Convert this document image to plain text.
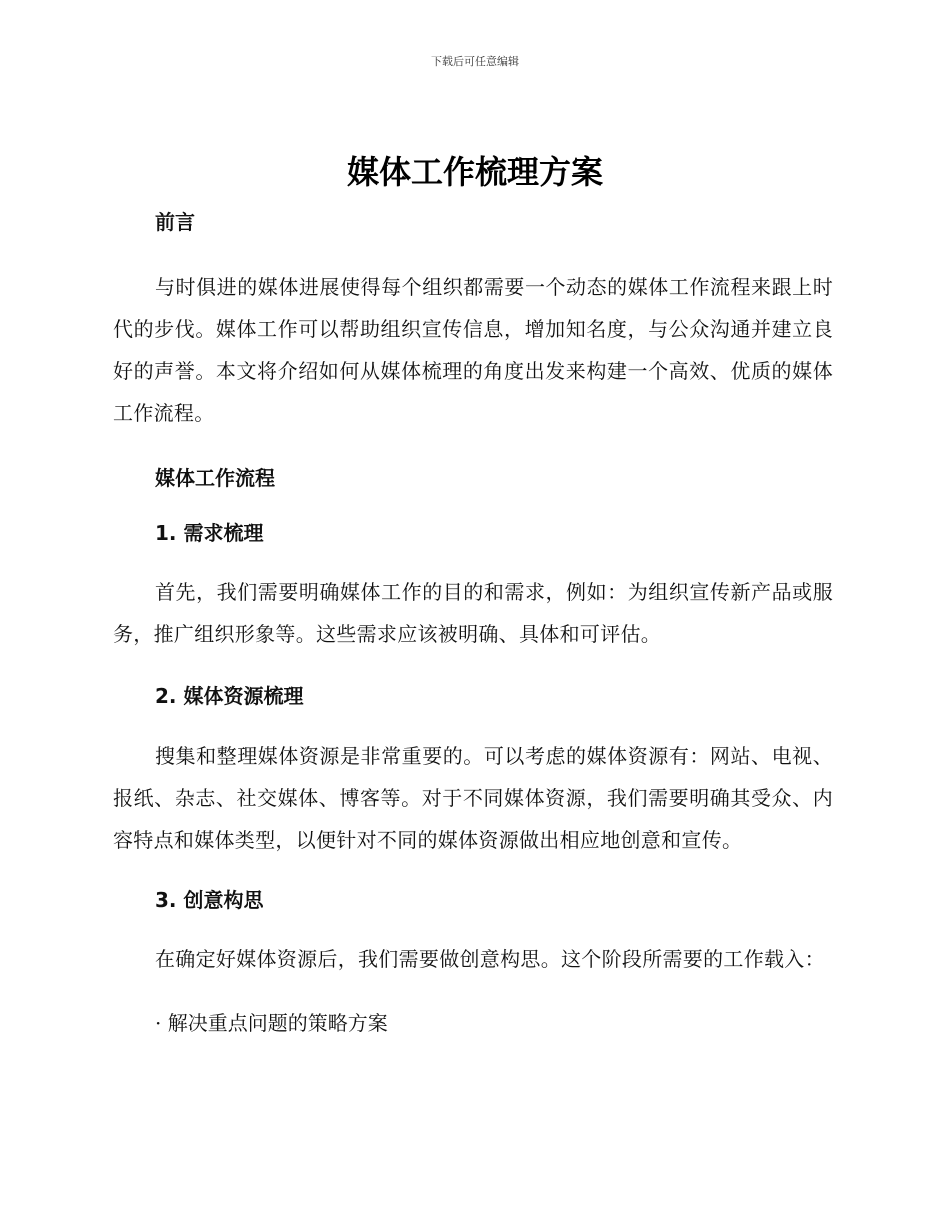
下载后可任意编辑
媒体工作梳理方案

前言

与时俱进的媒体进展使得每个组织都需要一个动态的媒体工作流程来跟上时代的步伐。媒体工作可以帮助组织宣传信息，增加知名度，与公众沟通并建立良好的声誉。本文将介绍如何从媒体梳理的角度出发来构建一个高效、优质的媒体工作流程。

媒体工作流程

1. 需求梳理

首先，我们需要明确媒体工作的目的和需求，例如：为组织宣传新产品或服务，推广组织形象等。这些需求应该被明确、具体和可评估。

2. 媒体资源梳理

搜集和整理媒体资源是非常重要的。可以考虑的媒体资源有：网站、电视、报纸、杂志、社交媒体、博客等。对于不同媒体资源，我们需要明确其受众、内容特点和媒体类型，以便针对不同的媒体资源做出相应地创意和宣传。

3. 创意构思

在确定好媒体资源后，我们需要做创意构思。这个阶段所需要的工作载入：

· 解决重点问题的策略方案
